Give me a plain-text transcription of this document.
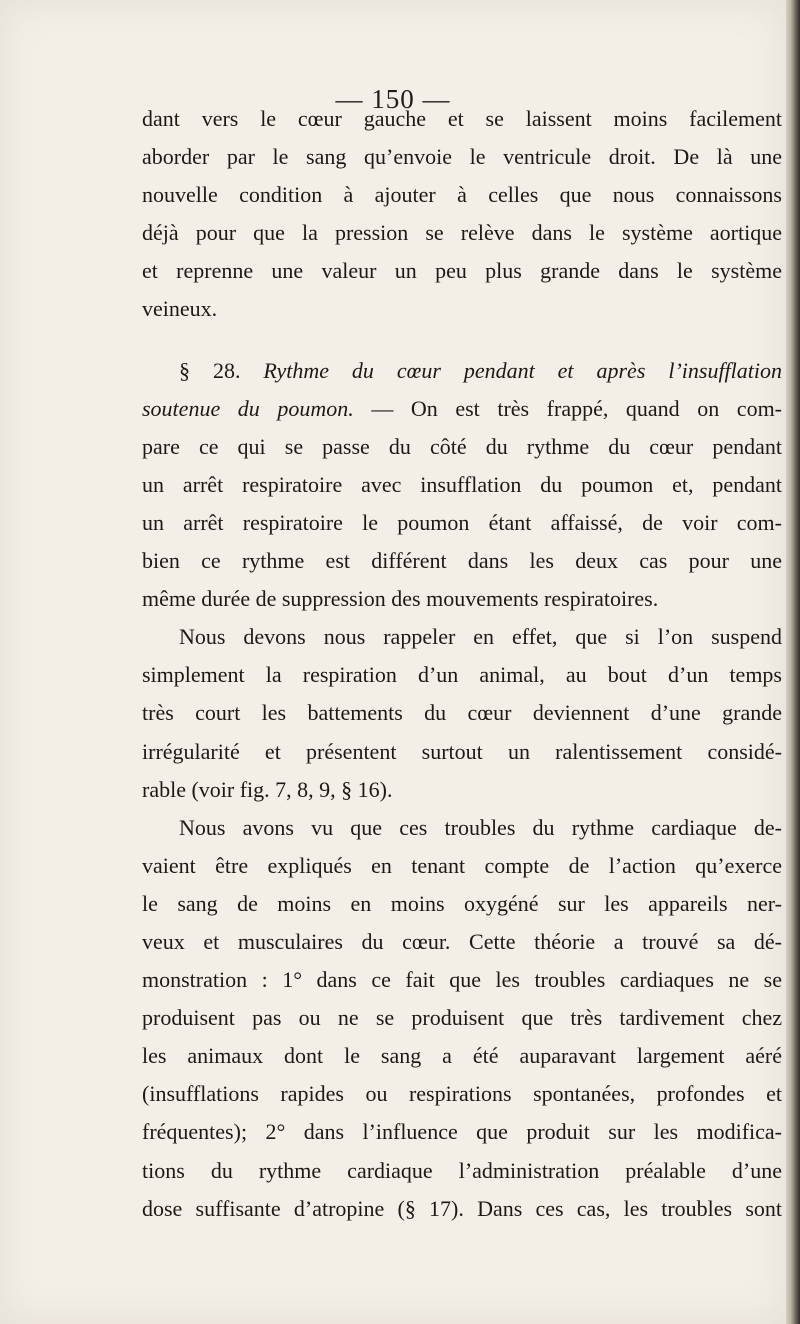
— 150 —
dant vers le cœur gauche et se laissent moins facilement
aborder par le sang qu’envoie le ventricule droit. De là une
nouvelle condition à ajouter à celles que nous connaissons
déjà pour que la pression se relève dans le système aortique
et reprenne une valeur un peu plus grande dans le système
veineux.
§ 28. Rythme du cœur pendant et après l’insufflation
soutenue du poumon. — On est très frappé, quand on com-
pare ce qui se passe du côté du rythme du cœur pendant
un arrêt respiratoire avec insufflation du poumon et, pendant
un arrêt respiratoire le poumon étant affaissé, de voir com-
bien ce rythme est différent dans les deux cas pour une
même durée de suppression des mouvements respiratoires.
Nous devons nous rappeler en effet, que si l’on suspend
simplement la respiration d’un animal, au bout d’un temps
très court les battements du cœur deviennent d’une grande
irrégularité et présentent surtout un ralentissement considé-
rable (voir fig. 7, 8, 9, § 16).
Nous avons vu que ces troubles du rythme cardiaque de-
vaient être expliqués en tenant compte de l’action qu’exerce
le sang de moins en moins oxygéné sur les appareils ner-
veux et musculaires du cœur. Cette théorie a trouvé sa dé-
monstration : 1° dans ce fait que les troubles cardiaques ne se
produisent pas ou ne se produisent que très tardivement chez
les animaux dont le sang a été auparavant largement aéré
(insufflations rapides ou respirations spontanées, profondes et
fréquentes); 2° dans l’influence que produit sur les modifica-
tions du rythme cardiaque l’administration préalable d’une
dose suffisante d’atropine (§ 17). Dans ces cas, les troubles sont
